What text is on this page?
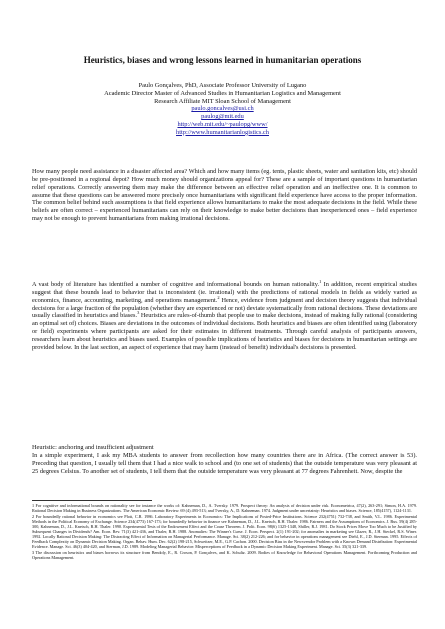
Heuristics, biases and wrong lessons learned in humanitarian operations
Paulo Gonçalves, PhD, Associate Professor University of Lugano
Academic Director Master of Advanced Studies in Humanitarian Logistics and Management
Research Affiliate MIT Sloan School of Management
paulo.goncalves@usi.ch
paulog@mit.edu
http://web.mit.edu/~paulopg/www/
http://www.humanitarianlogistics.ch
How many people need assistance in a disaster affected area? Which and how many items (eg. tents, plastic sheets, water and sanitation kits, etc) should be pre-positioned in a regional depot? How much money should organizations appeal for? These are a sample of important questions in humanitarian relief operations. Correctly answering them may make the difference between an effective relief operation and an ineffective one. It is common to assume that these questions can be answered more precisely once humanitarians with significant field experience have access to the proper information. The common belief behind such assumptions is that field experience allows humanitarians to make the most adequate decisions in the field. While these beliefs are often correct – experienced humanitarians can rely on their knowledge to make better decisions than inexperienced ones – field experience may not be enough to prevent humanitarians from making irrational decisions.
A vast body of literature has identified a number of cognitive and informational bounds on human rationality.$^1$ In addition, recent empirical studies suggest that these bounds lead to behavior that is inconsistent (ie. irrational) with the predictions of rational models in fields as widely varied as economics, finance, accounting, marketing, and operations management.$^2$ Hence, evidence from judgment and decision theory suggests that individual decisions for a large fraction of the population (whether they are experienced or not) deviate systematically from rational decisions. These deviations are usually classified in heuristics and biases.$^3$ Heuristics are rules-of-thumb that people use to make decisions, instead of making fully rational (considering an optimal set of) choices. Biases are deviations in the outcomes of individual decisions. Both heuristics and biases are often identified using (laboratory or field) experiments where participants are asked for their estimates in different treatments. Through careful analysis of participants answers, researchers learn about heuristics and biases used. Examples of possible implications of heuristics and biases for decisions in humanitarian settings are provided below. In the last section, an aspect of experience that may harm (instead of benefit) individual's decisions is presented.
Heuristic: anchoring and insufficient adjustment
In a simple experiment, I ask my MBA students to answer from recollection how many countries there are in Africa. (The correct answer is 53). Preceding that question, I usually tell them that I had a nice walk to school and (to one set of students) that the outside temperature was very pleasant at 25 degrees Celsius. To another set of students, I tell them that the outside temperature was very pleasant at 77 degrees Fahrenheit. Now, despite the

1 For cognitive and informational bounds on rationality see for instance the works of: Kahneman, D., A. Tversky. 1979. Prospect theory: An analysis of decision under risk. Econometrica, 47(2), 263-291; Simon, H.A. 1979. Rational Decision Making in Business Organizations. The American Economic Review. 69 (4) 493-513; and Tversky, A., D. Kahneman. 1974. Judgment under uncertainty: Heuristics and biases. Science, 185(4157), 1124-1131.

2 For boundedly rational behavior in economics see Plott, C.R. 1986. Laboratory Experiments in Economics: The Implications of Posted-Price Institutions. Science 232(4751) 732-738, and Smith, V.L. 1986. Experimental Methods in the Political Economy of Exchange. Science 234(4773) 167-173; for boundedly behavior in finance see Kahneman, D., J.L. Knetsch, R.H. Thaler. 1986. Fairness and the Assumptions of Economics. J. Bus. 59(4) 285-300, Kahneman, D., J.L. Knetsch, R.H. Thaler. 1990. Experimental Tests of the Endowment Effect and the Coase Theorem. J. Polit. Econ. 98(6) 1325-1348, Shiller, R.J. 1981. Do Stock Prices Move Too Much to be Justified by Subsequent Changes in Dividends? Am. Econ. Rev. 71(3) 421-436, and Thaler, R.H. 1988. Anomalies: The Winner's Curse. J. Econ. Perspect. 2(1) 191-202; for anomalies in marketing see Glazer, R., J.H. Steckel, R.S. Winer. 1992. Locally Rational Decision Making: The Distracting Effect of Information on Managerial Performance. Manage. Sci. 38(2) 212-226; and for behavior in operations management see Diehl, E., J.D. Sterman. 1995. Effects of Feedback Complexity on Dynamic Decision Making. Organ. Behav. Hum. Dec. 62(2) 198-215, Schweitzer, M.E., G.P. Cachon. 2000. Decision Bias in the Newsvendor Problem with a Known Demand Distribution: Experimental Evidence. Manage. Sci. 46(3) 404-420, and Sterman, J.D. 1989. Modeling Managerial Behavior: Misperceptions of Feedback in a Dynamic Decision Making Experiment. Manage. Sci. 35(3) 321-339.

3 The discussion on heuristics and biases borrows its structure from Bendoly, E., R. Croson, P. Gonçalves, and K. Schultz. 2009. Bodies of Knowledge for Behavioral Operations Management. Forthcoming Production and Operations Management.
